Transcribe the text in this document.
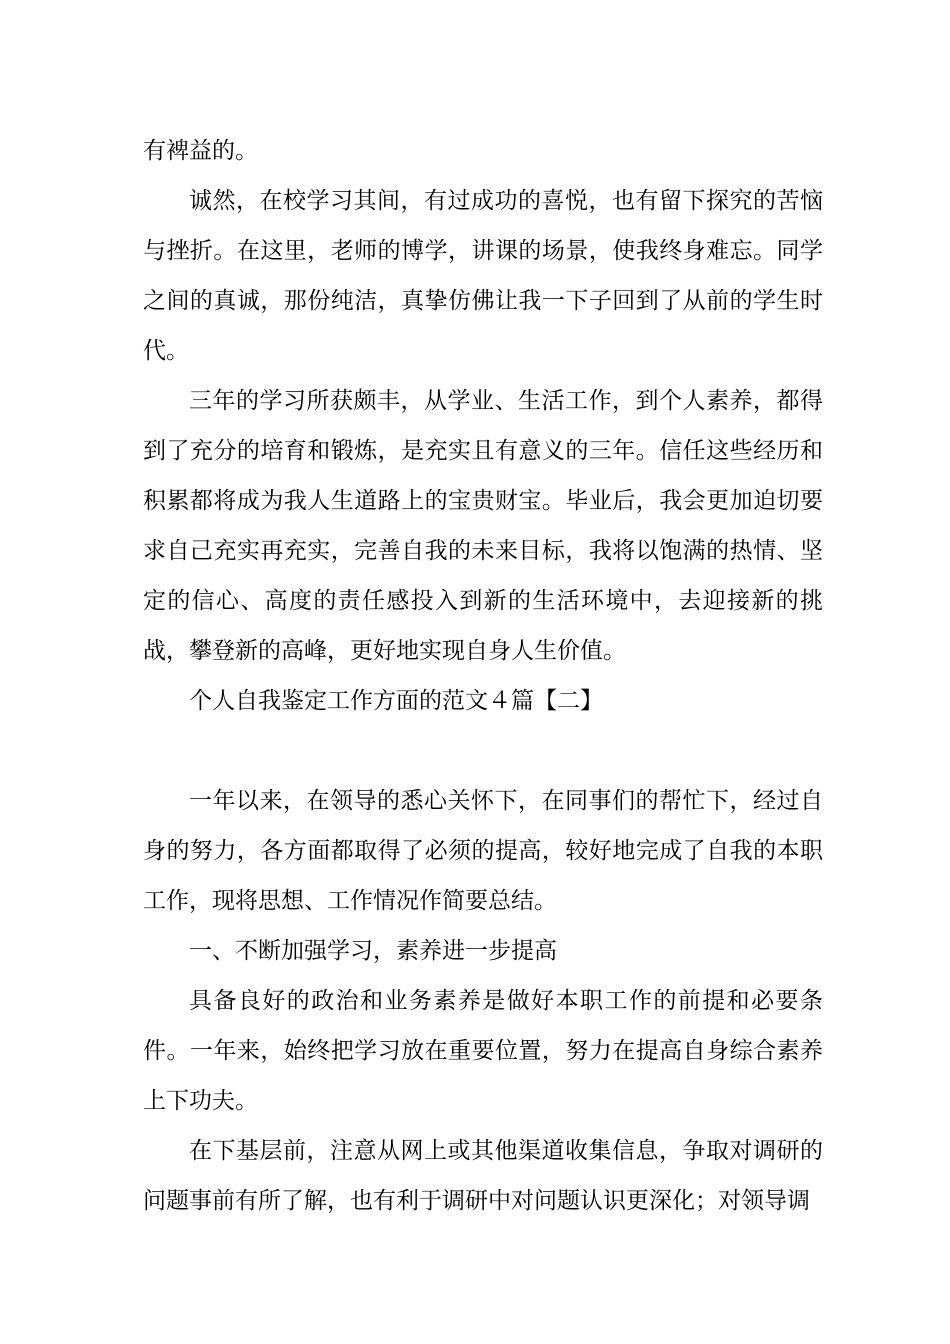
有裨益的。

诚然，在校学习其间，有过成功的喜悦，也有留下探究的苦恼与挫折。在这里，老师的博学，讲课的场景，使我终身难忘。同学之间的真诚，那份纯洁，真挚仿佛让我一下子回到了从前的学生时代。

三年的学习所获颇丰，从学业、生活工作，到个人素养，都得到了充分的培育和锻炼，是充实且有意义的三年。信任这些经历和积累都将成为我人生道路上的宝贵财宝。毕业后，我会更加迫切要求自己充实再充实，完善自我的未来目标，我将以饱满的热情、坚定的信心、高度的责任感投入到新的生活环境中，去迎接新的挑战，攀登新的高峰，更好地实现自身人生价值。

个人自我鉴定工作方面的范文４篇【二】

一年以来，在领导的悉心关怀下，在同事们的帮忙下，经过自身的努力，各方面都取得了必须的提高，较好地完成了自我的本职工作，现将思想、工作情况作简要总结。

一、不断加强学习，素养进一步提高

具备良好的政治和业务素养是做好本职工作的前提和必要条件。一年来，始终把学习放在重要位置，努力在提高自身综合素养上下功夫。

在下基层前，注意从网上或其他渠道收集信息，争取对调研的问题事前有所了解，也有利于调研中对问题认识更深化；对领导调
